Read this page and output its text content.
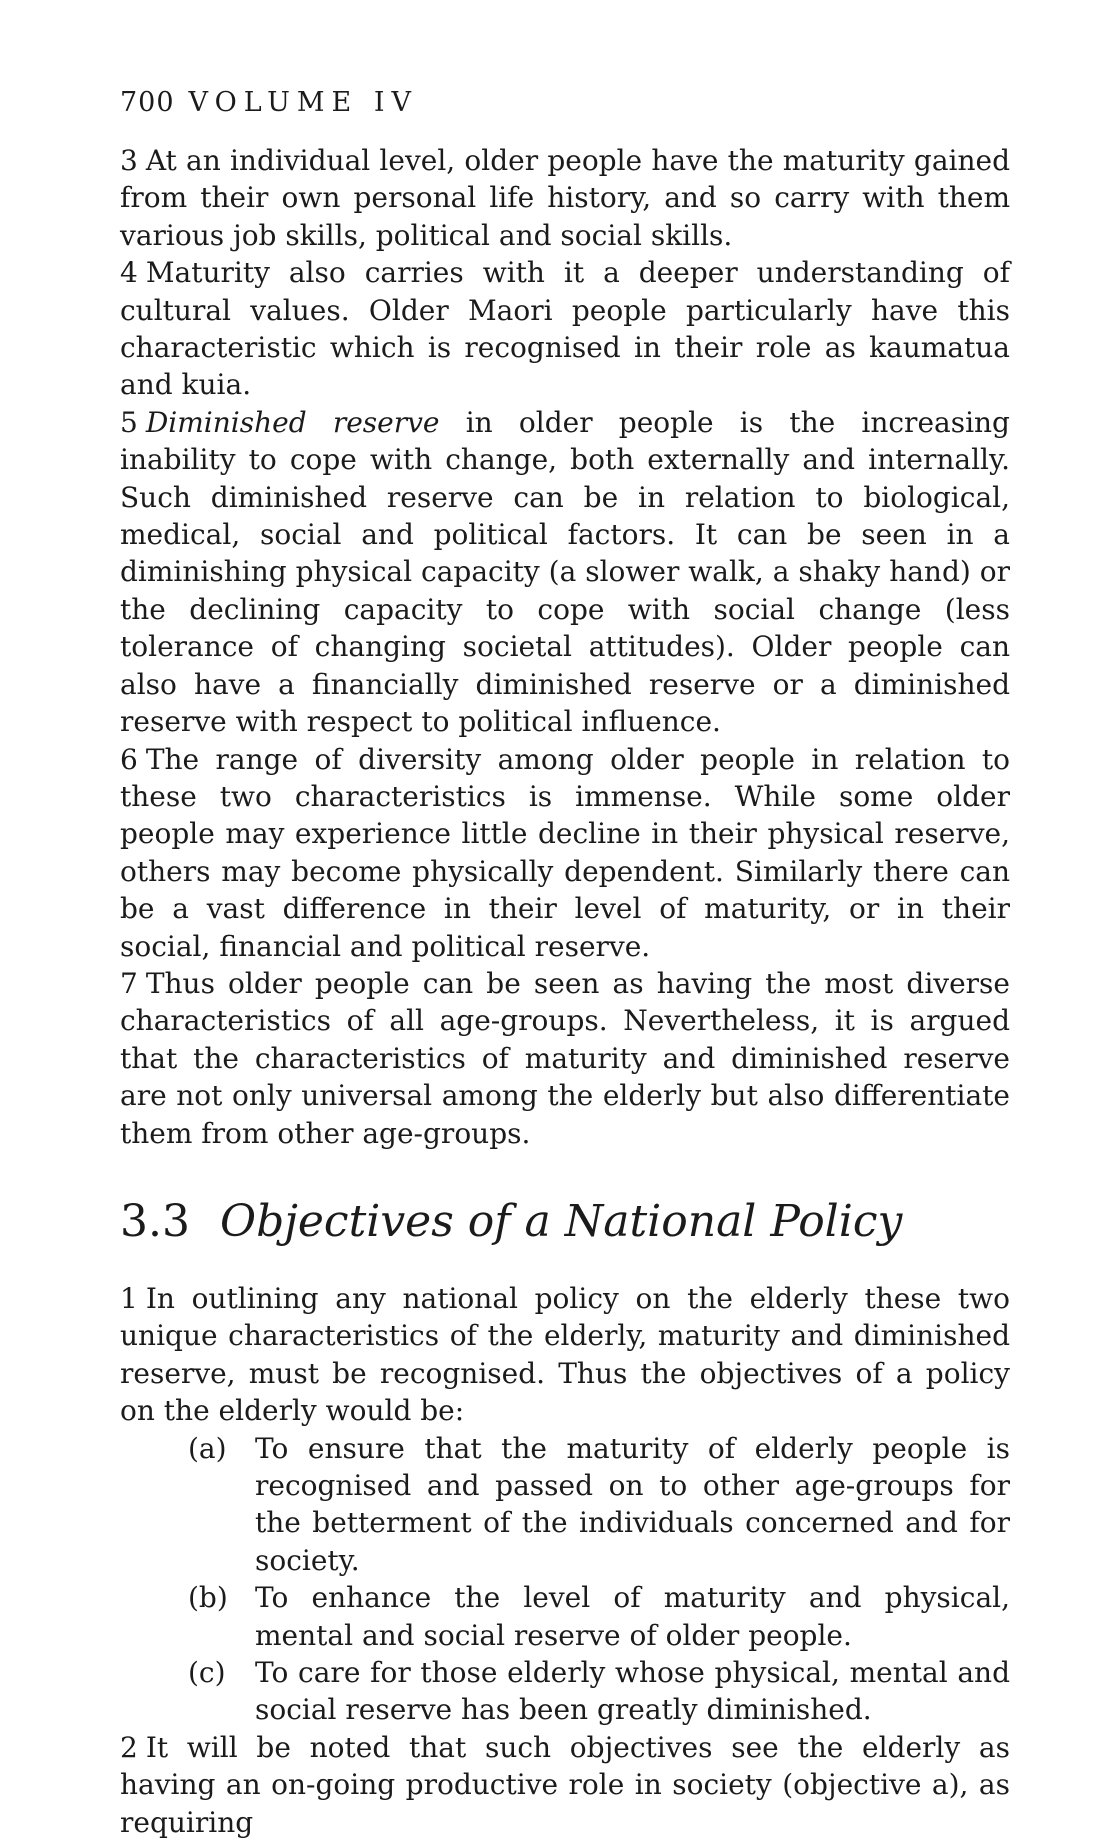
700 VOLUME IV

3 At an individual level, older people have the maturity gained from their own personal life history, and so carry with them various job skills, political and social skills.

4 Maturity also carries with it a deeper understanding of cultural values. Older Maori people particularly have this characteristic which is recognised in their role as kaumatua and kuia.

5 Diminished reserve in older people is the increasing inability to cope with change, both externally and internally. Such diminished reserve can be in relation to biological, medical, social and political factors. It can be seen in a diminishing physical capacity (a slower walk, a shaky hand) or the declining capacity to cope with social change (less tolerance of changing societal attitudes). Older people can also have a financially diminished reserve or a diminished reserve with respect to political influence.

6 The range of diversity among older people in relation to these two characteristics is immense. While some older people may experience little decline in their physical reserve, others may become physically dependent. Similarly there can be a vast difference in their level of maturity, or in their social, financial and political reserve.

7 Thus older people can be seen as having the most diverse characteristics of all age-groups. Nevertheless, it is argued that the characteristics of maturity and diminished reserve are not only universal among the elderly but also differentiate them from other age-groups.

3.3 Objectives of a National Policy

1 In outlining any national policy on the elderly these two unique characteristics of the elderly, maturity and diminished reserve, must be recognised. Thus the objectives of a policy on the elderly would be:

(a) To ensure that the maturity of elderly people is recognised and passed on to other age-groups for the betterment of the individuals concerned and for society.
(b) To enhance the level of maturity and physical, mental and social reserve of older people.
(c) To care for those elderly whose physical, mental and social reserve has been greatly diminished.

2 It will be noted that such objectives see the elderly as having an on-going productive role in society (objective a), as requiring
